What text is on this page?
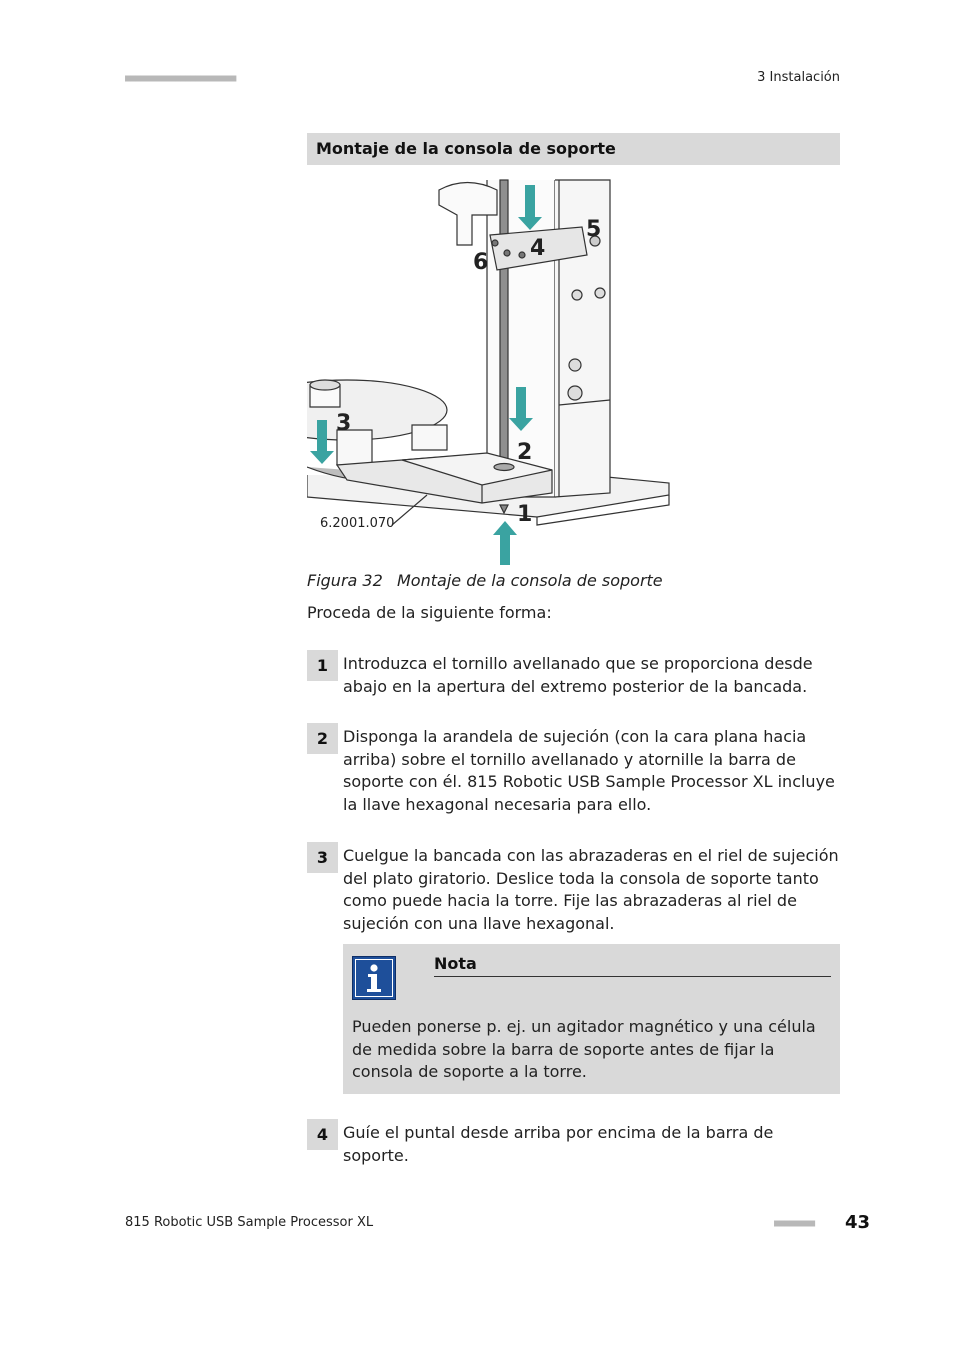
■■■■■■■■■■■■■■■■■■■■■■	3 Instalación
Montaje de la consola de soporte
1
2
3
4
5
6
6.2001.070
Figura 32 Montaje de la consola de soporte
Proceda de la siguiente forma:
1 Introduzca el tornillo avellanado que se proporciona desde abajo en la apertura del extremo posterior de la bancada.
2 Disponga la arandela de sujeción (con la cara plana hacia arriba) sobre el tornillo avellanado y atornille la barra de soporte con él. 815 Robotic USB Sample Processor XL incluye la llave hexagonal necesaria para ello.
3 Cuelgue la bancada con las abrazaderas en el riel de sujeción del plato giratorio. Deslice toda la consola de soporte tanto como puede hacia la torre. Fije las abrazaderas al riel de sujeción con una llave hexagonal.
Nota
Pueden ponerse p. ej. un agitador magnético y una célula de medida sobre la barra de soporte antes de fijar la consola de soporte a la torre.
4 Guíe el puntal desde arriba por encima de la barra de soporte.
815 Robotic USB Sample Processor XL	■■■■■■■■ 43
